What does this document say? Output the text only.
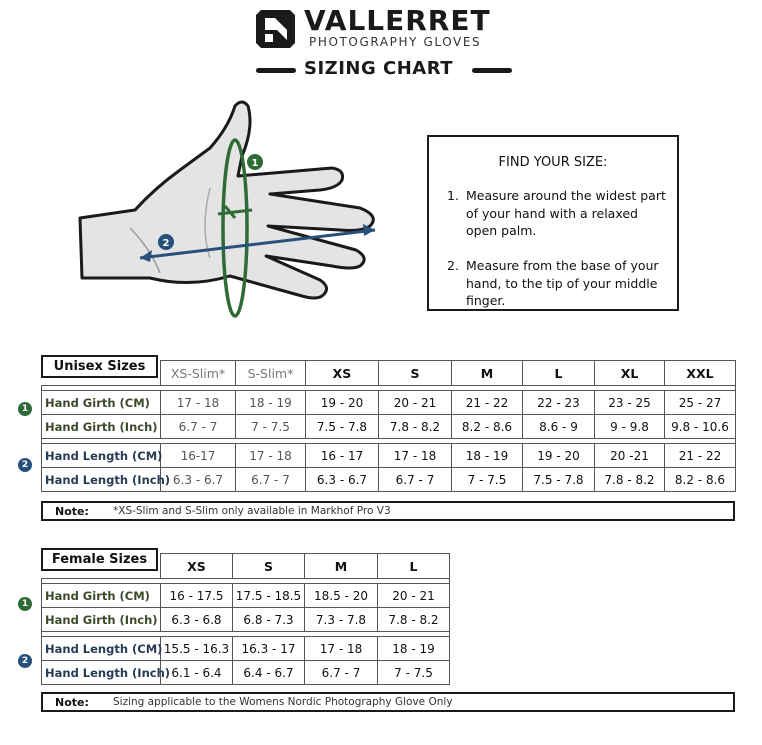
VALLERRET
PHOTOGRAPHY GLOVES
SIZING CHART
1
2
FIND YOUR SIZE:
1. Measure around the widest part of your hand with a relaxed open palm.
2. Measure from the base of your hand, to the tip of your middle finger.
Unisex Sizes
		XS-Slim*	S-Slim*	XS	S	M	L	XL	XXL

Hand Girth (CM)	17 - 18	18 - 19	19 - 20	20 - 21	21 - 22	22 - 23	23 - 25	25 - 27
Hand Girth (Inch)	6.7 - 7	7 - 7.5	7.5 - 7.8	7.8 - 8.2	8.2 - 8.6	8.6 - 9	9 - 9.8	9.8 - 10.6

Hand Length (CM)	16-17	17 - 18	16 - 17	17 - 18	18 - 19	19 - 20	20 -21	21 - 22
Hand Length (Inch)	6.3 - 6.7	6.7 - 7	6.3 - 6.7	6.7 - 7	7 - 7.5	7.5 - 7.8	7.8 - 8.2	8.2 - 8.6
1
2
Note: *XS-Slim and S-Slim only available in Markhof Pro V3
Female Sizes
		XS	S	M	L

Hand Girth (CM)	16 - 17.5	17.5 - 18.5	18.5 - 20	20 - 21
Hand Girth (Inch)	6.3 - 6.8	6.8 - 7.3	7.3 - 7.8	7.8 - 8.2

Hand Length (CM)	15.5 - 16.3	16.3 - 17	17 - 18	18 - 19
Hand Length (Inch)	6.1 - 6.4	6.4 - 6.7	6.7 - 7	7 - 7.5
1
2
Note: Sizing applicable to the Womens Nordic Photography Glove Only
